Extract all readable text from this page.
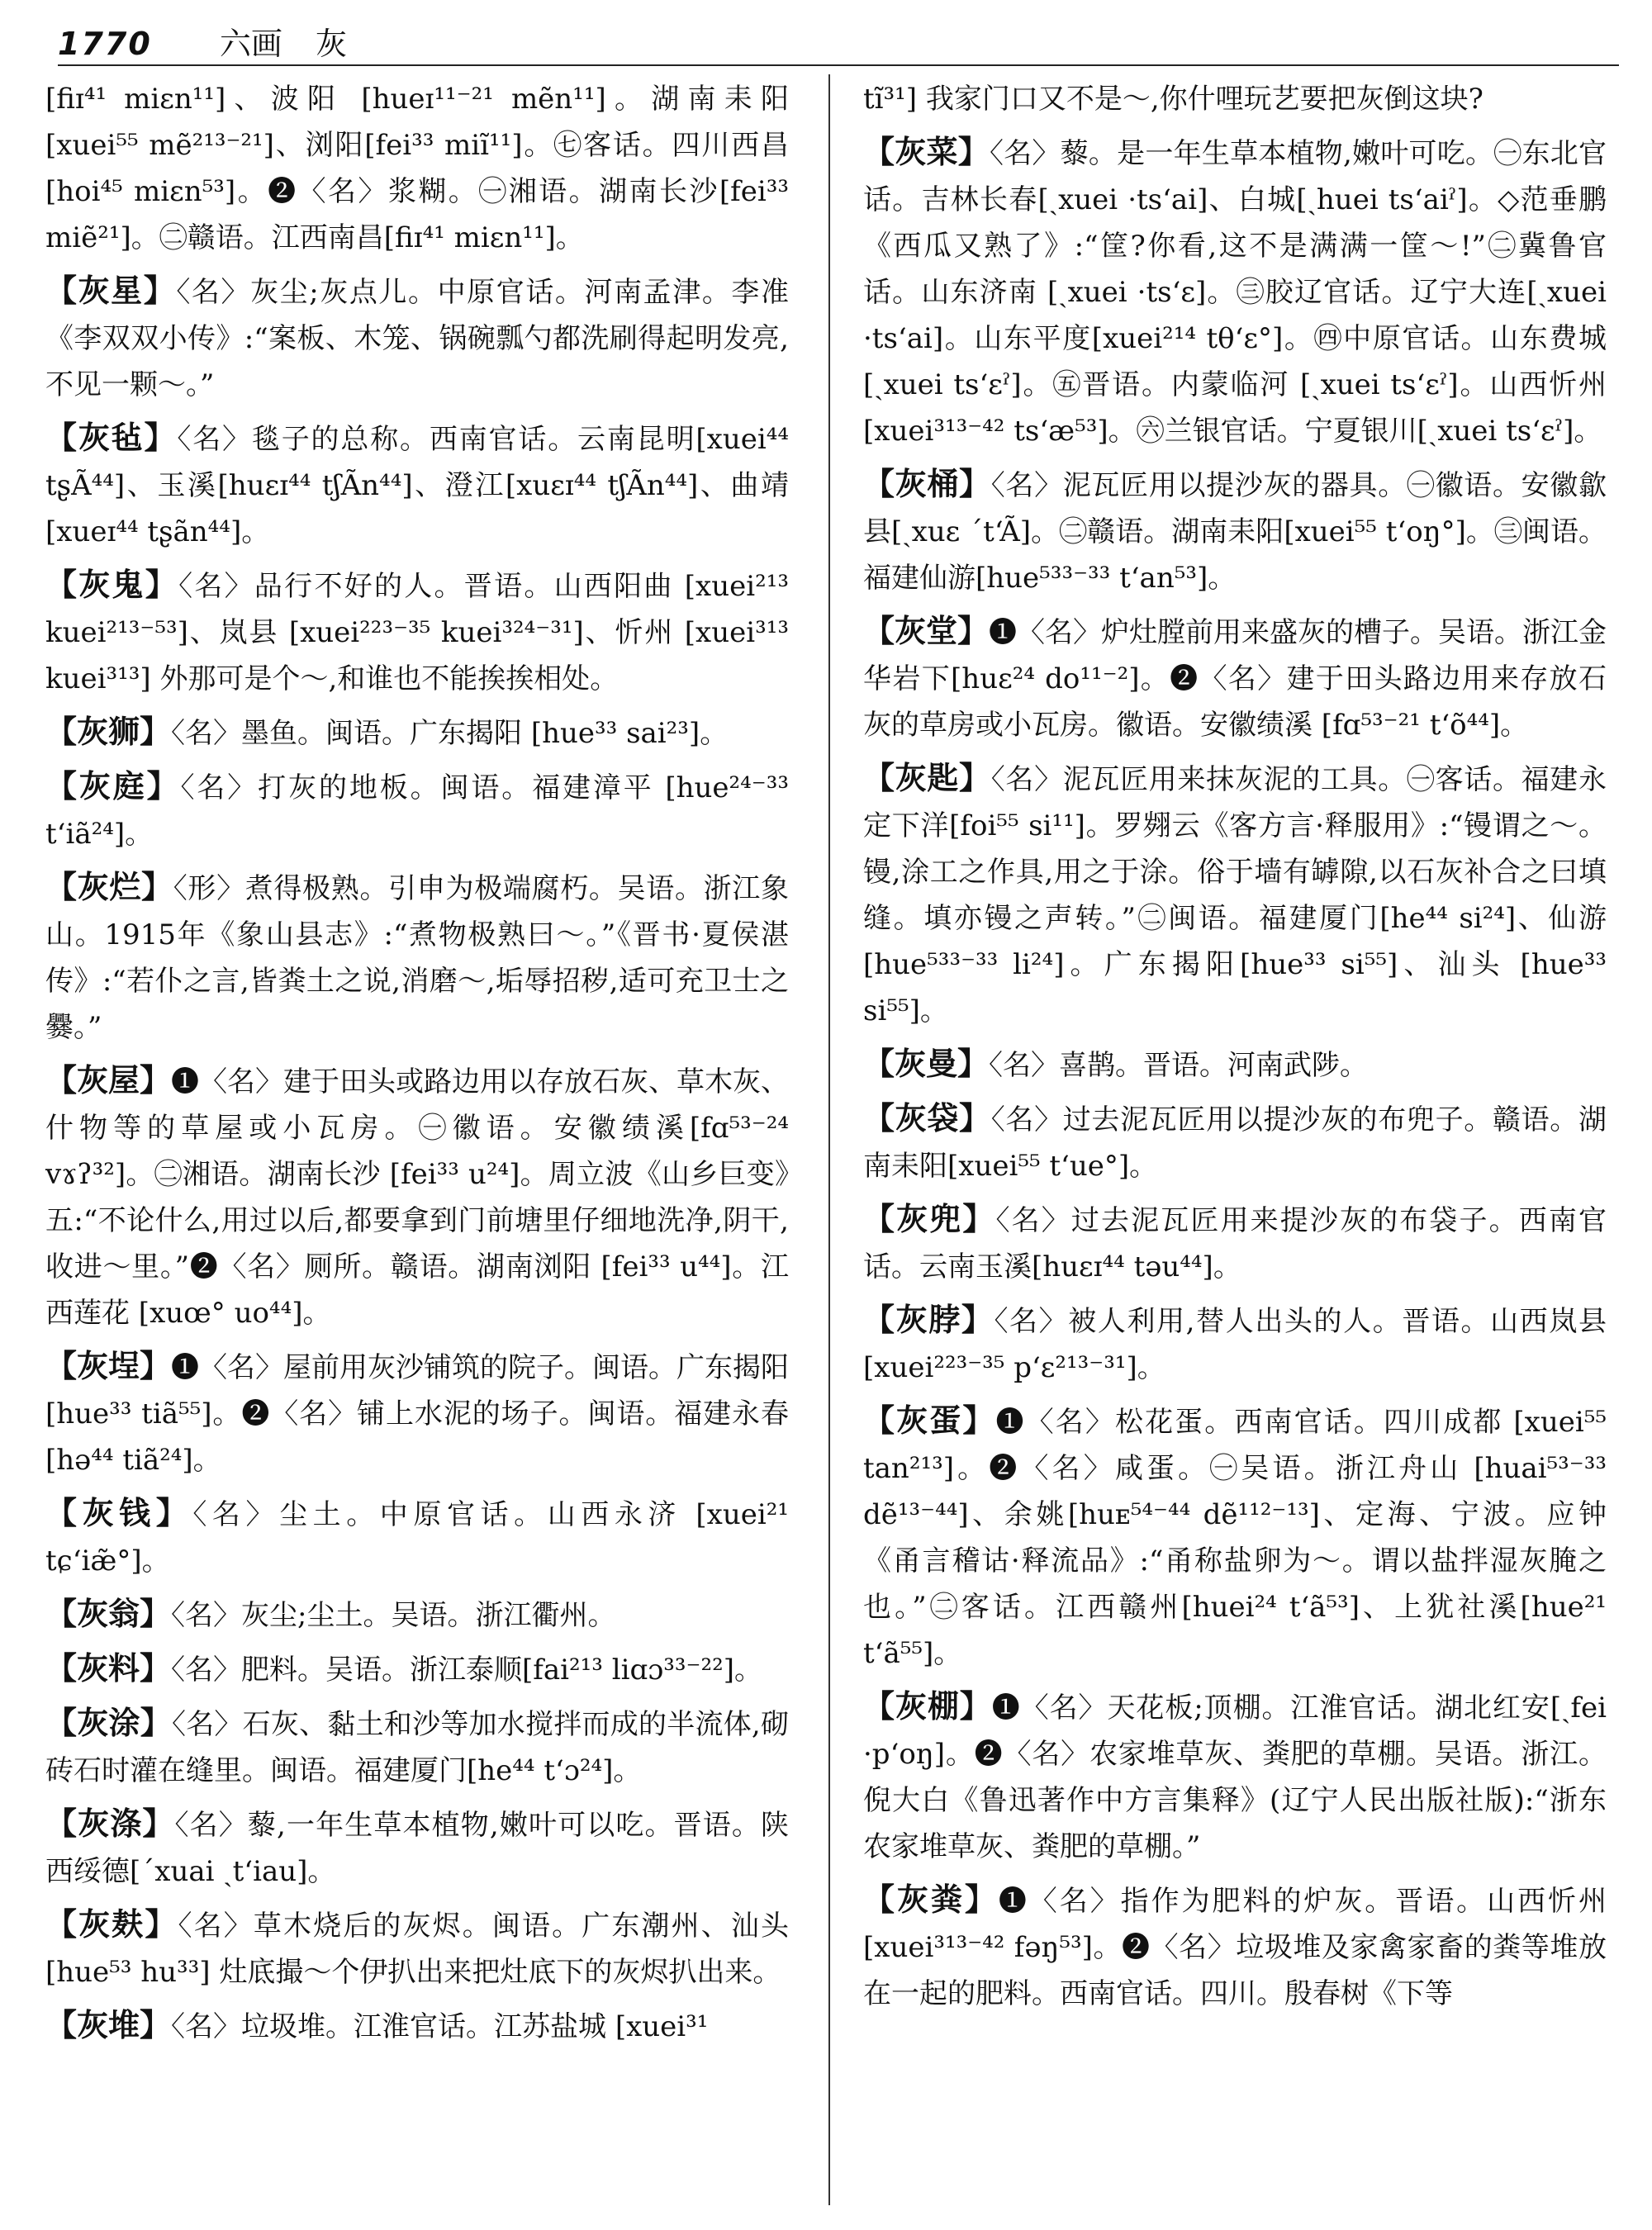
1770 六画 灰
[fiɪ⁴¹ miɛn¹¹]、波阳 [hueɪ¹¹⁻²¹ mẽn¹¹]。湖南耒阳 [xuei⁵⁵ mẽ²¹³⁻²¹]、浏阳[fei³³ miĩ¹¹]。㊆客话。四川西昌[hoi⁴⁵ miɛn⁵³]。❷〈名〉浆糊。㊀湘语。湖南长沙[fei³³ miẽ²¹]。㊁赣语。江西南昌[fiɪ⁴¹ miɛn¹¹]。
【灰星】〈名〉灰尘;灰点儿。中原官话。河南孟津。李准《李双双小传》:“案板、木笼、锅碗瓢勺都洗刷得起明发亮,不见一颗～。”
【灰毡】〈名〉毯子的总称。西南官话。云南昆明[xuei⁴⁴ tʂÃ⁴⁴]、玉溪[huɛɪ⁴⁴ tʃÃn⁴⁴]、澄江[xuɛɪ⁴⁴ tʃÃn⁴⁴]、曲靖 [xueɪ⁴⁴ tʂãn⁴⁴]。
【灰鬼】〈名〉品行不好的人。晋语。山西阳曲 [xuei²¹³ kuei²¹³⁻⁵³]、岚县 [xuei²²³⁻³⁵ kuei³²⁴⁻³¹]、忻州 [xuei³¹³ kuei³¹³] 外那可是个～,和谁也不能挨挨相处。
【灰狮】〈名〉墨鱼。闽语。广东揭阳 [hue³³ sai²³]。
【灰庭】〈名〉打灰的地板。闽语。福建漳平 [hue²⁴⁻³³ tʻiã²⁴]。
【灰烂】〈形〉煮得极熟。引申为极端腐朽。吴语。浙江象山。1915年《象山县志》:“煮物极熟曰～。”《晋书·夏侯湛传》:“若仆之言,皆粪土之说,消磨～,垢辱招秽,适可充卫士之爨。”
【灰屋】❶〈名〉建于田头或路边用以存放石灰、草木灰、什物等的草屋或小瓦房。㊀徽语。安徽绩溪[fɑ⁵³⁻²⁴ vɤʔ³²]。㊁湘语。湖南长沙 [fei³³ u²⁴]。周立波《山乡巨变》五:“不论什么,用过以后,都要拿到门前塘里仔细地洗净,阴干,收进～里。”❷〈名〉厕所。赣语。湖南浏阳 [fei³³ u⁴⁴]。江西莲花 [xuœ° uo⁴⁴]。
【灰埕】❶〈名〉屋前用灰沙铺筑的院子。闽语。广东揭阳 [hue³³ tiã⁵⁵]。❷〈名〉铺上水泥的场子。闽语。福建永春 [hə⁴⁴ tiã²⁴]。
【灰钱】〈名〉尘土。中原官话。山西永济 [xuei²¹ tɕʻiæ̃°]。
【灰翁】〈名〉灰尘;尘土。吴语。浙江衢州。
【灰料】〈名〉肥料。吴语。浙江泰顺[fai²¹³ liɑɔ³³⁻²²]。
【灰涂】〈名〉石灰、黏土和沙等加水搅拌而成的半流体,砌砖石时灌在缝里。闽语。福建厦门[he⁴⁴ tʻɔ²⁴]。
【灰涤】〈名〉藜,一年生草本植物,嫩叶可以吃。晋语。陕西绥德[ˊxuai ˏtʻiau]。
【灰麸】〈名〉草木烧后的灰烬。闽语。广东潮州、汕头 [hue⁵³ hu³³] 灶底撮～个伊扒出来把灶底下的灰烬扒出来。
【灰堆】〈名〉垃圾堆。江淮官话。江苏盐城 [xuei³¹
tĩ³¹] 我家门口又不是～,你什哩玩艺要把灰倒这块?
【灰菜】〈名〉藜。是一年生草本植物,嫩叶可吃。㊀东北官话。吉林长春[ˏxuei ·tsʻai]、白城[ˏhuei tsʻaiˀ]。◇范垂鹏《西瓜又熟了》:“筐?你看,这不是满满一筐～!”㊁冀鲁官话。山东济南 [ˏxuei ·tsʻɛ]。㊂胶辽官话。辽宁大连[ˏxuei ·tsʻai]。山东平度[xuei²¹⁴ tθʻɛ°]。㊃中原官话。山东费城 [ˏxuei tsʻɛˀ]。㊄晋语。内蒙临河 [ˏxuei tsʻɛˀ]。山西忻州[xuei³¹³⁻⁴² tsʻæ⁵³]。㊅兰银官话。宁夏银川[ˏxuei tsʻɛˀ]。
【灰桶】〈名〉泥瓦匠用以提沙灰的器具。㊀徽语。安徽歙县[ˏxuɛ ˊtʻÃ]。㊁赣语。湖南耒阳[xuei⁵⁵ tʻoŋ°]。㊂闽语。福建仙游[hue⁵³³⁻³³ tʻan⁵³]。
【灰堂】❶〈名〉炉灶膛前用来盛灰的槽子。吴语。浙江金华岩下[huɛ²⁴ do¹¹⁻²]。❷〈名〉建于田头路边用来存放石灰的草房或小瓦房。徽语。安徽绩溪 [fɑ⁵³⁻²¹ tʻõ⁴⁴]。
【灰匙】〈名〉泥瓦匠用来抹灰泥的工具。㊀客话。福建永定下洋[foi⁵⁵ si¹¹]。罗翙云《客方言·释服用》:“镘谓之～。镘,涂工之作具,用之于涂。俗于墙有罅隙,以石灰补合之曰填缝。填亦镘之声转。”㊁闽语。福建厦门[he⁴⁴ si²⁴]、仙游 [hue⁵³³⁻³³ li²⁴]。广东揭阳[hue³³ si⁵⁵]、汕头 [hue³³ si⁵⁵]。
【灰曼】〈名〉喜鹊。晋语。河南武陟。
【灰袋】〈名〉过去泥瓦匠用以提沙灰的布兜子。赣语。湖南耒阳[xuei⁵⁵ tʻue°]。
【灰兜】〈名〉过去泥瓦匠用来提沙灰的布袋子。西南官话。云南玉溪[huɛɪ⁴⁴ təu⁴⁴]。
【灰脖】〈名〉被人利用,替人出头的人。晋语。山西岚县[xuei²²³⁻³⁵ pʻɛ²¹³⁻³¹]。
【灰蛋】❶〈名〉松花蛋。西南官话。四川成都 [xuei⁵⁵ tan²¹³]。❷〈名〉咸蛋。㊀吴语。浙江舟山 [huai⁵³⁻³³ dẽ¹³⁻⁴⁴]、余姚[huᴇ⁵⁴⁻⁴⁴ dẽ¹¹²⁻¹³]、定海、宁波。应钟《甬言稽诂·释流品》:“甬称盐卵为～。谓以盐拌湿灰腌之也。”㊁客话。江西赣州[huei²⁴ tʻã⁵³]、上犹社溪[hue²¹ tʻã⁵⁵]。
【灰棚】❶〈名〉天花板;顶棚。江淮官话。湖北红安[ˏfei ·pʻoŋ]。❷〈名〉农家堆草灰、粪肥的草棚。吴语。浙江。倪大白《鲁迅著作中方言集释》(辽宁人民出版社版):“浙东农家堆草灰、粪肥的草棚。”
【灰粪】❶〈名〉指作为肥料的炉灰。晋语。山西忻州[xuei³¹³⁻⁴² fəŋ⁵³]。❷〈名〉垃圾堆及家禽家畜的粪等堆放在一起的肥料。西南官话。四川。殷春树《下等
